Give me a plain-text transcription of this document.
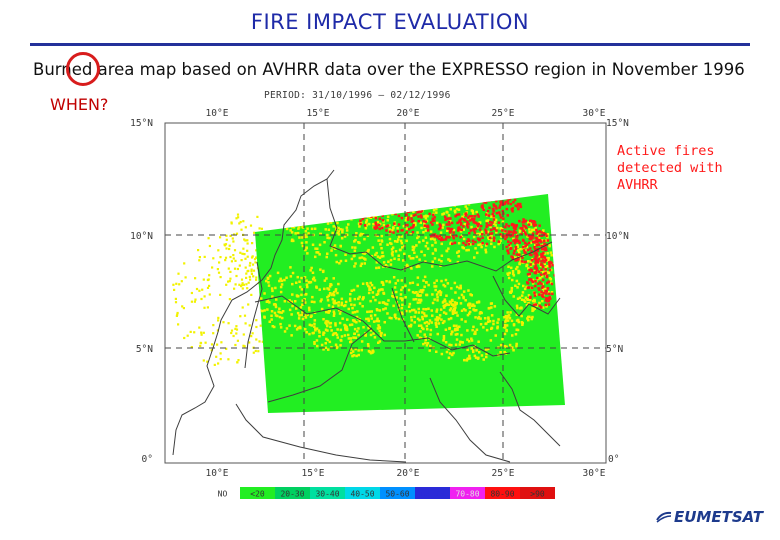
FIRE IMPACT EVALUATION
Burned area map based on AVHRR data over the EXPRESSO region in November 1996
WHEN?	PERIOD: 31/10/1996 — 02/12/1996
10°E	15°E	20°E	25°E	30°E
10°E	15°E	20°E	25°E	30°E
15°N
10°N
5°N
0°
15°N
10°N
5°N
0°
NO	<20 20-30 30-40 40-50 50-60 60-70 70-80 80-90 >90
Active fires detected with AVHRR
EUMETSAT
